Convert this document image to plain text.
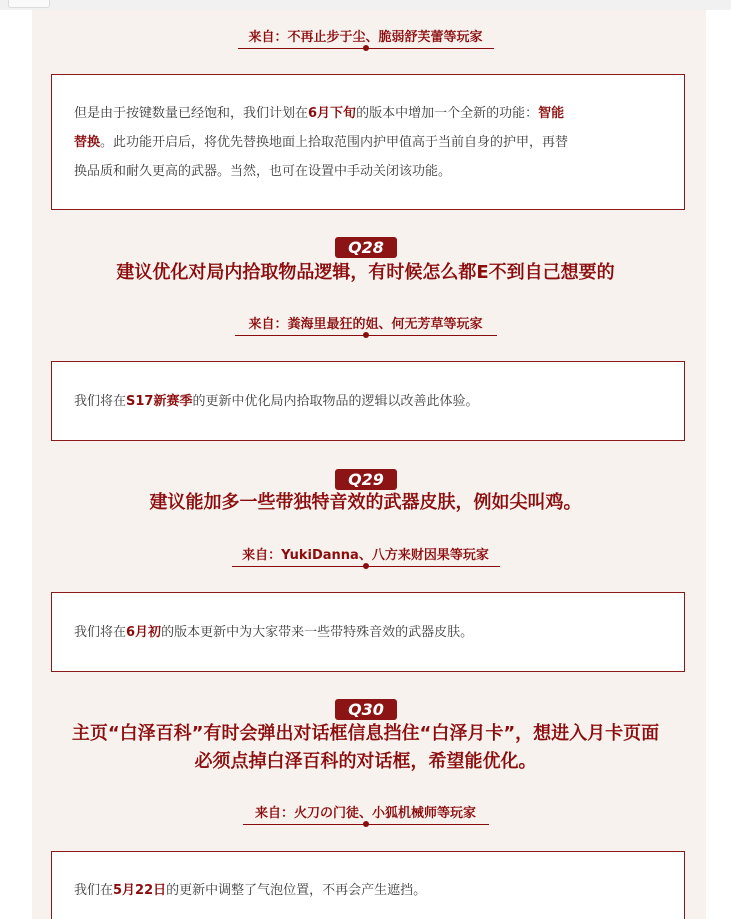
来自：不再止步于尘、脆弱舒芙蕾等玩家
但是由于按键数量已经饱和，我们计划在6月下旬的版本中增加一个全新的功能：智能
替换。此功能开启后，将优先替换地面上拾取范围内护甲值高于当前自身的护甲，再替
换品质和耐久更高的武器。当然，也可在设置中手动关闭该功能。
Q28
建议优化对局内拾取物品逻辑，有时候怎么都E不到自己想要的
来自：粪海里最狂的姐、何无芳草等玩家
我们将在S17新赛季的更新中优化局内拾取物品的逻辑以改善此体验。
Q29
建议能加多一些带独特音效的武器皮肤，例如尖叫鸡。
来自：YukiDanna、八方来财因果等玩家
我们将在6月初的版本更新中为大家带来一些带特殊音效的武器皮肤。
Q30
主页“白泽百科”有时会弹出对话框信息挡住“白泽月卡”，想进入月卡页面
必须点掉白泽百科的对话框，希望能优化。
来自：火刀の门徒、小狐机械师等玩家
我们在5月22日的更新中调整了气泡位置，不再会产生遮挡。
